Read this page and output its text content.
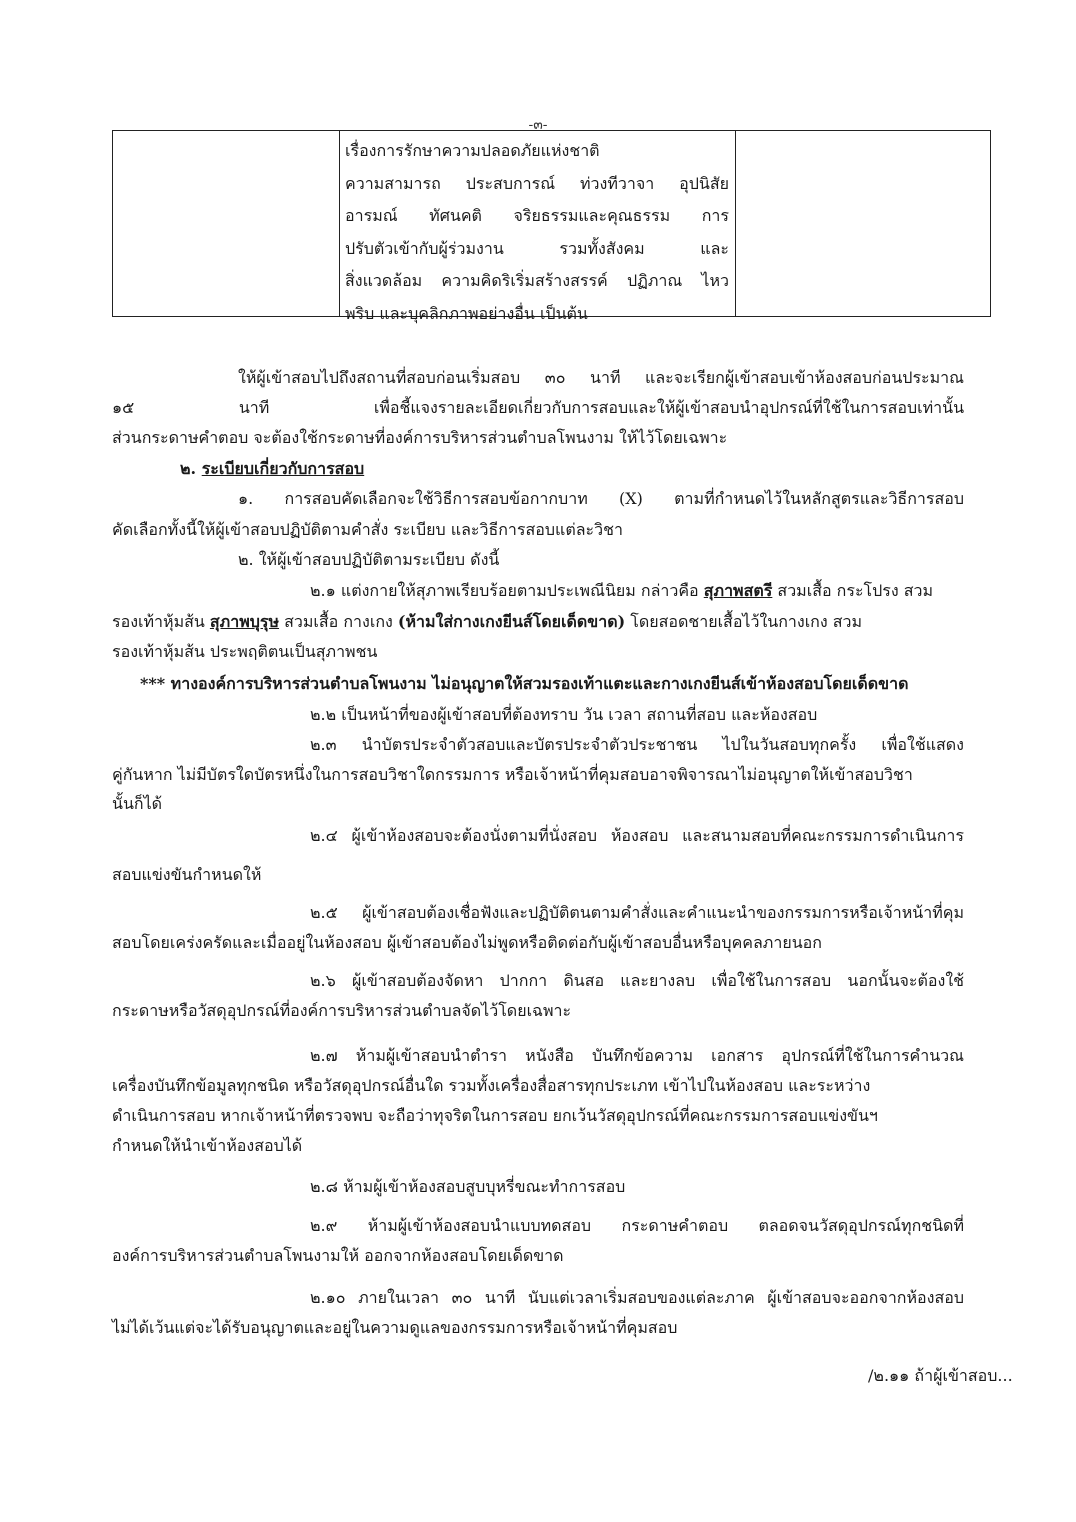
-๓-
เรื่องการรักษาความปลอดภัยแห่งชาติ
ความสามารถ ประสบการณ์ ท่วงทีวาจา อุปนิสัย
อารมณ์ ทัศนคติ จริยธรรมและคุณธรรม การ
ปรับตัวเข้ากับผู้ร่วมงาน รวมทั้งสังคม และ
สิ่งแวดล้อม ความคิดริเริ่มสร้างสรรค์ ปฏิภาณ ไหว
พริบ และบุคลิกภาพอย่างอื่น เป็นต้น
ให้ผู้เข้าสอบไปถึงสถานที่สอบก่อนเริ่มสอบ ๓๐ นาที และจะเรียกผู้เข้าสอบเข้าห้องสอบก่อนประมาณ
๑๕ นาที เพื่อชี้แจงรายละเอียดเกี่ยวกับการสอบและให้ผู้เข้าสอบนำอุปกรณ์ที่ใช้ในการสอบเท่านั้น
ส่วนกระดาษคำตอบ จะต้องใช้กระดาษที่องค์การบริหารส่วนตำบลโพนงาม ให้ไว้โดยเฉพาะ
๒. ระเบียบเกี่ยวกับการสอบ
๑. การสอบคัดเลือกจะใช้วิธีการสอบข้อกากบาท (X) ตามที่กำหนดไว้ในหลักสูตรและวิธีการสอบ
คัดเลือกทั้งนี้ให้ผู้เข้าสอบปฏิบัติตามคำสั่ง ระเบียบ และวิธีการสอบแต่ละวิชา
๒. ให้ผู้เข้าสอบปฏิบัติตามระเบียบ ดังนี้
๒.๑ แต่งกายให้สุภาพเรียบร้อยตามประเพณีนิยม กล่าวคือ สุภาพสตรี สวมเสื้อ กระโปรง สวม
รองเท้าหุ้มส้น สุภาพบุรุษ สวมเสื้อ กางเกง (ห้ามใส่กางเกงยีนส์โดยเด็ดขาด) โดยสอดชายเสื้อไว้ในกางเกง สวม
รองเท้าหุ้มส้น ประพฤติตนเป็นสุภาพชน
*** ทางองค์การบริหารส่วนตำบลโพนงาม ไม่อนุญาตให้สวมรองเท้าแตะและกางเกงยีนส์เข้าห้องสอบโดยเด็ดขาด
๒.๒ เป็นหน้าที่ของผู้เข้าสอบที่ต้องทราบ วัน เวลา สถานที่สอบ และห้องสอบ
๒.๓ นำบัตรประจำตัวสอบและบัตรประจำตัวประชาชน ไปในวันสอบทุกครั้ง เพื่อใช้แสดง
คู่กันหาก ไม่มีบัตรใดบัตรหนึ่งในการสอบวิชาใดกรรมการ หรือเจ้าหน้าที่คุมสอบอาจพิจารณาไม่อนุญาตให้เข้าสอบวิชา
นั้นก็ได้
๒.๔ ผู้เข้าห้องสอบจะต้องนั่งตามที่นั่งสอบ ห้องสอบ และสนามสอบที่คณะกรรมการดำเนินการ
สอบแข่งขันกำหนดให้
๒.๕ ผู้เข้าสอบต้องเชื่อฟังและปฏิบัติตนตามคำสั่งและคำแนะนำของกรรมการหรือเจ้าหน้าที่คุม
สอบโดยเคร่งครัดและเมื่ออยู่ในห้องสอบ ผู้เข้าสอบต้องไม่พูดหรือติดต่อกับผู้เข้าสอบอื่นหรือบุคคลภายนอก
๒.๖ ผู้เข้าสอบต้องจัดหา ปากกา ดินสอ และยางลบ เพื่อใช้ในการสอบ นอกนั้นจะต้องใช้
กระดาษหรือวัสดุอุปกรณ์ที่องค์การบริหารส่วนตำบลจัดไว้โดยเฉพาะ
๒.๗ ห้ามผู้เข้าสอบนำตำรา หนังสือ บันทึกข้อความ เอกสาร อุปกรณ์ที่ใช้ในการคำนวณ
เครื่องบันทึกข้อมูลทุกชนิด หรือวัสดุอุปกรณ์อื่นใด รวมทั้งเครื่องสื่อสารทุกประเภท เข้าไปในห้องสอบ และระหว่าง
ดำเนินการสอบ หากเจ้าหน้าที่ตรวจพบ จะถือว่าทุจริตในการสอบ ยกเว้นวัสดุอุปกรณ์ที่คณะกรรมการสอบแข่งขันฯ
กำหนดให้นำเข้าห้องสอบได้
๒.๘ ห้ามผู้เข้าห้องสอบสูบบุหรี่ขณะทำการสอบ
๒.๙ ห้ามผู้เข้าห้องสอบนำแบบทดสอบ กระดาษคำตอบ ตลอดจนวัสดุอุปกรณ์ทุกชนิดที่
องค์การบริหารส่วนตำบลโพนงามให้ ออกจากห้องสอบโดยเด็ดขาด
๒.๑๐ ภายในเวลา ๓๐ นาที นับแต่เวลาเริ่มสอบของแต่ละภาค ผู้เข้าสอบจะออกจากห้องสอบ
ไม่ได้เว้นแต่จะได้รับอนุญาตและอยู่ในความดูแลของกรรมการหรือเจ้าหน้าที่คุมสอบ
/๒.๑๑ ถ้าผู้เข้าสอบ...
